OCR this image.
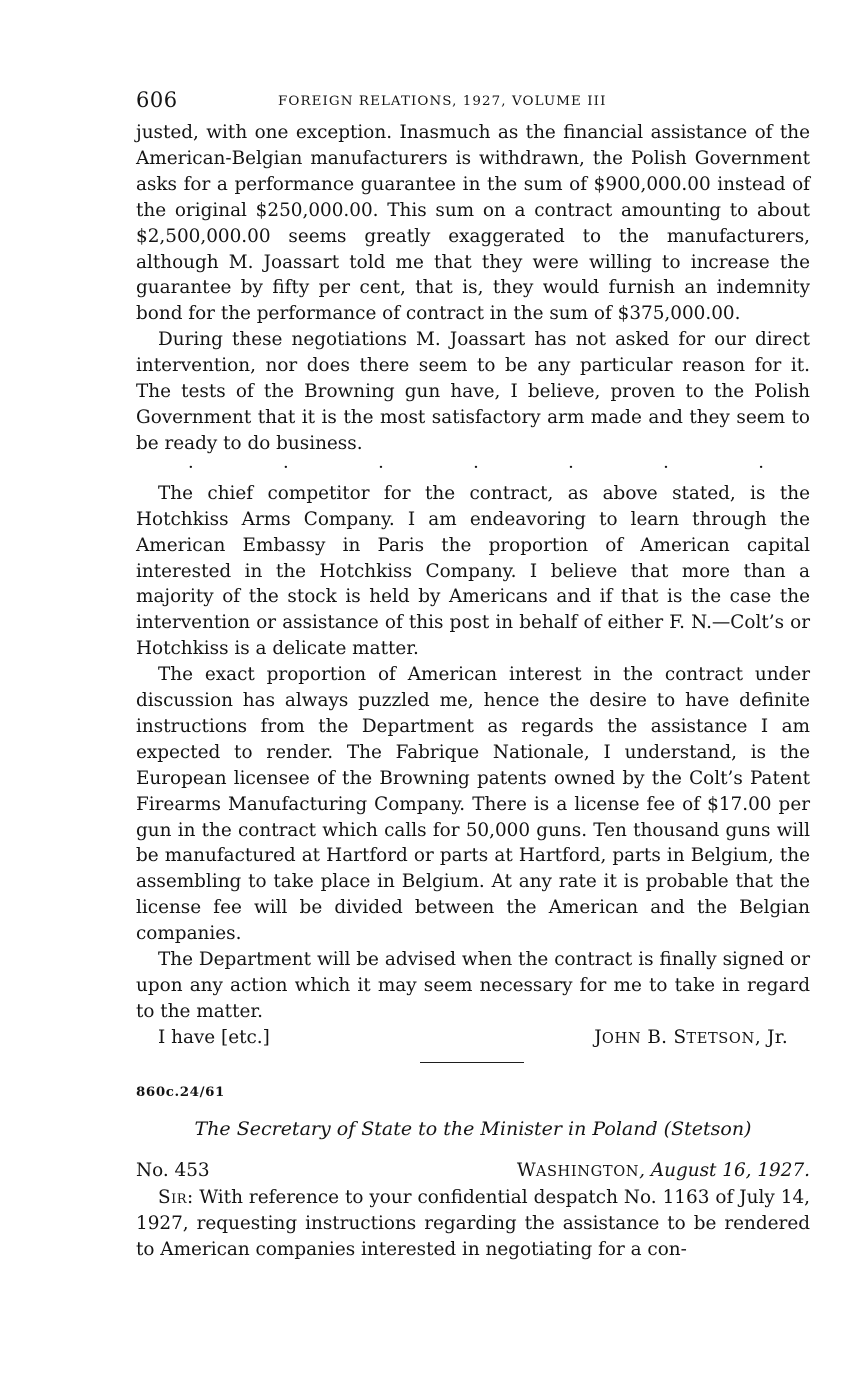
606	FOREIGN RELATIONS, 1927, VOLUME III

justed, with one exception. Inasmuch as the financial assistance of the American-Belgian manufacturers is withdrawn, the Polish Government asks for a performance guarantee in the sum of $900,000.00 instead of the original $250,000.00. This sum on a contract amounting to about $2,500,000.00 seems greatly exaggerated to the manufacturers, although M. Joassart told me that they were willing to increase the guarantee by fifty per cent, that is, they would furnish an indemnity bond for the performance of contract in the sum of $375,000.00.

During these negotiations M. Joassart has not asked for our direct intervention, nor does there seem to be any particular reason for it. The tests of the Browning gun have, I believe, proven to the Polish Government that it is the most satisfactory arm made and they seem to be ready to do business.

·	·	·	·	·	·	·

The chief competitor for the contract, as above stated, is the Hotchkiss Arms Company. I am endeavoring to learn through the American Embassy in Paris the proportion of American capital interested in the Hotchkiss Company. I believe that more than a majority of the stock is held by Americans and if that is the case the intervention or assistance of this post in behalf of either F. N.—Colt’s or Hotchkiss is a delicate matter.

The exact proportion of American interest in the contract under discussion has always puzzled me, hence the desire to have definite instructions from the Department as regards the assistance I am expected to render. The Fabrique Nationale, I understand, is the European licensee of the Browning patents owned by the Colt’s Patent Firearms Manufacturing Company. There is a license fee of $17.00 per gun in the contract which calls for 50,000 guns. Ten thousand guns will be manufactured at Hartford or parts at Hartford, parts in Belgium, the assembling to take place in Belgium. At any rate it is probable that the license fee will be divided between the American and the Belgian companies.

The Department will be advised when the contract is finally signed or upon any action which it may seem necessary for me to take in regard to the matter.

I have [etc.]	JOHN B. STETSON, Jr.
860c.24/61
The Secretary of State to the Minister in Poland (Stetson)
No. 453	WASHINGTON, August 16, 1927.

Sir: With reference to your confidential despatch No. 1163 of July 14, 1927, requesting instructions regarding the assistance to be rendered to American companies interested in negotiating for a con-
